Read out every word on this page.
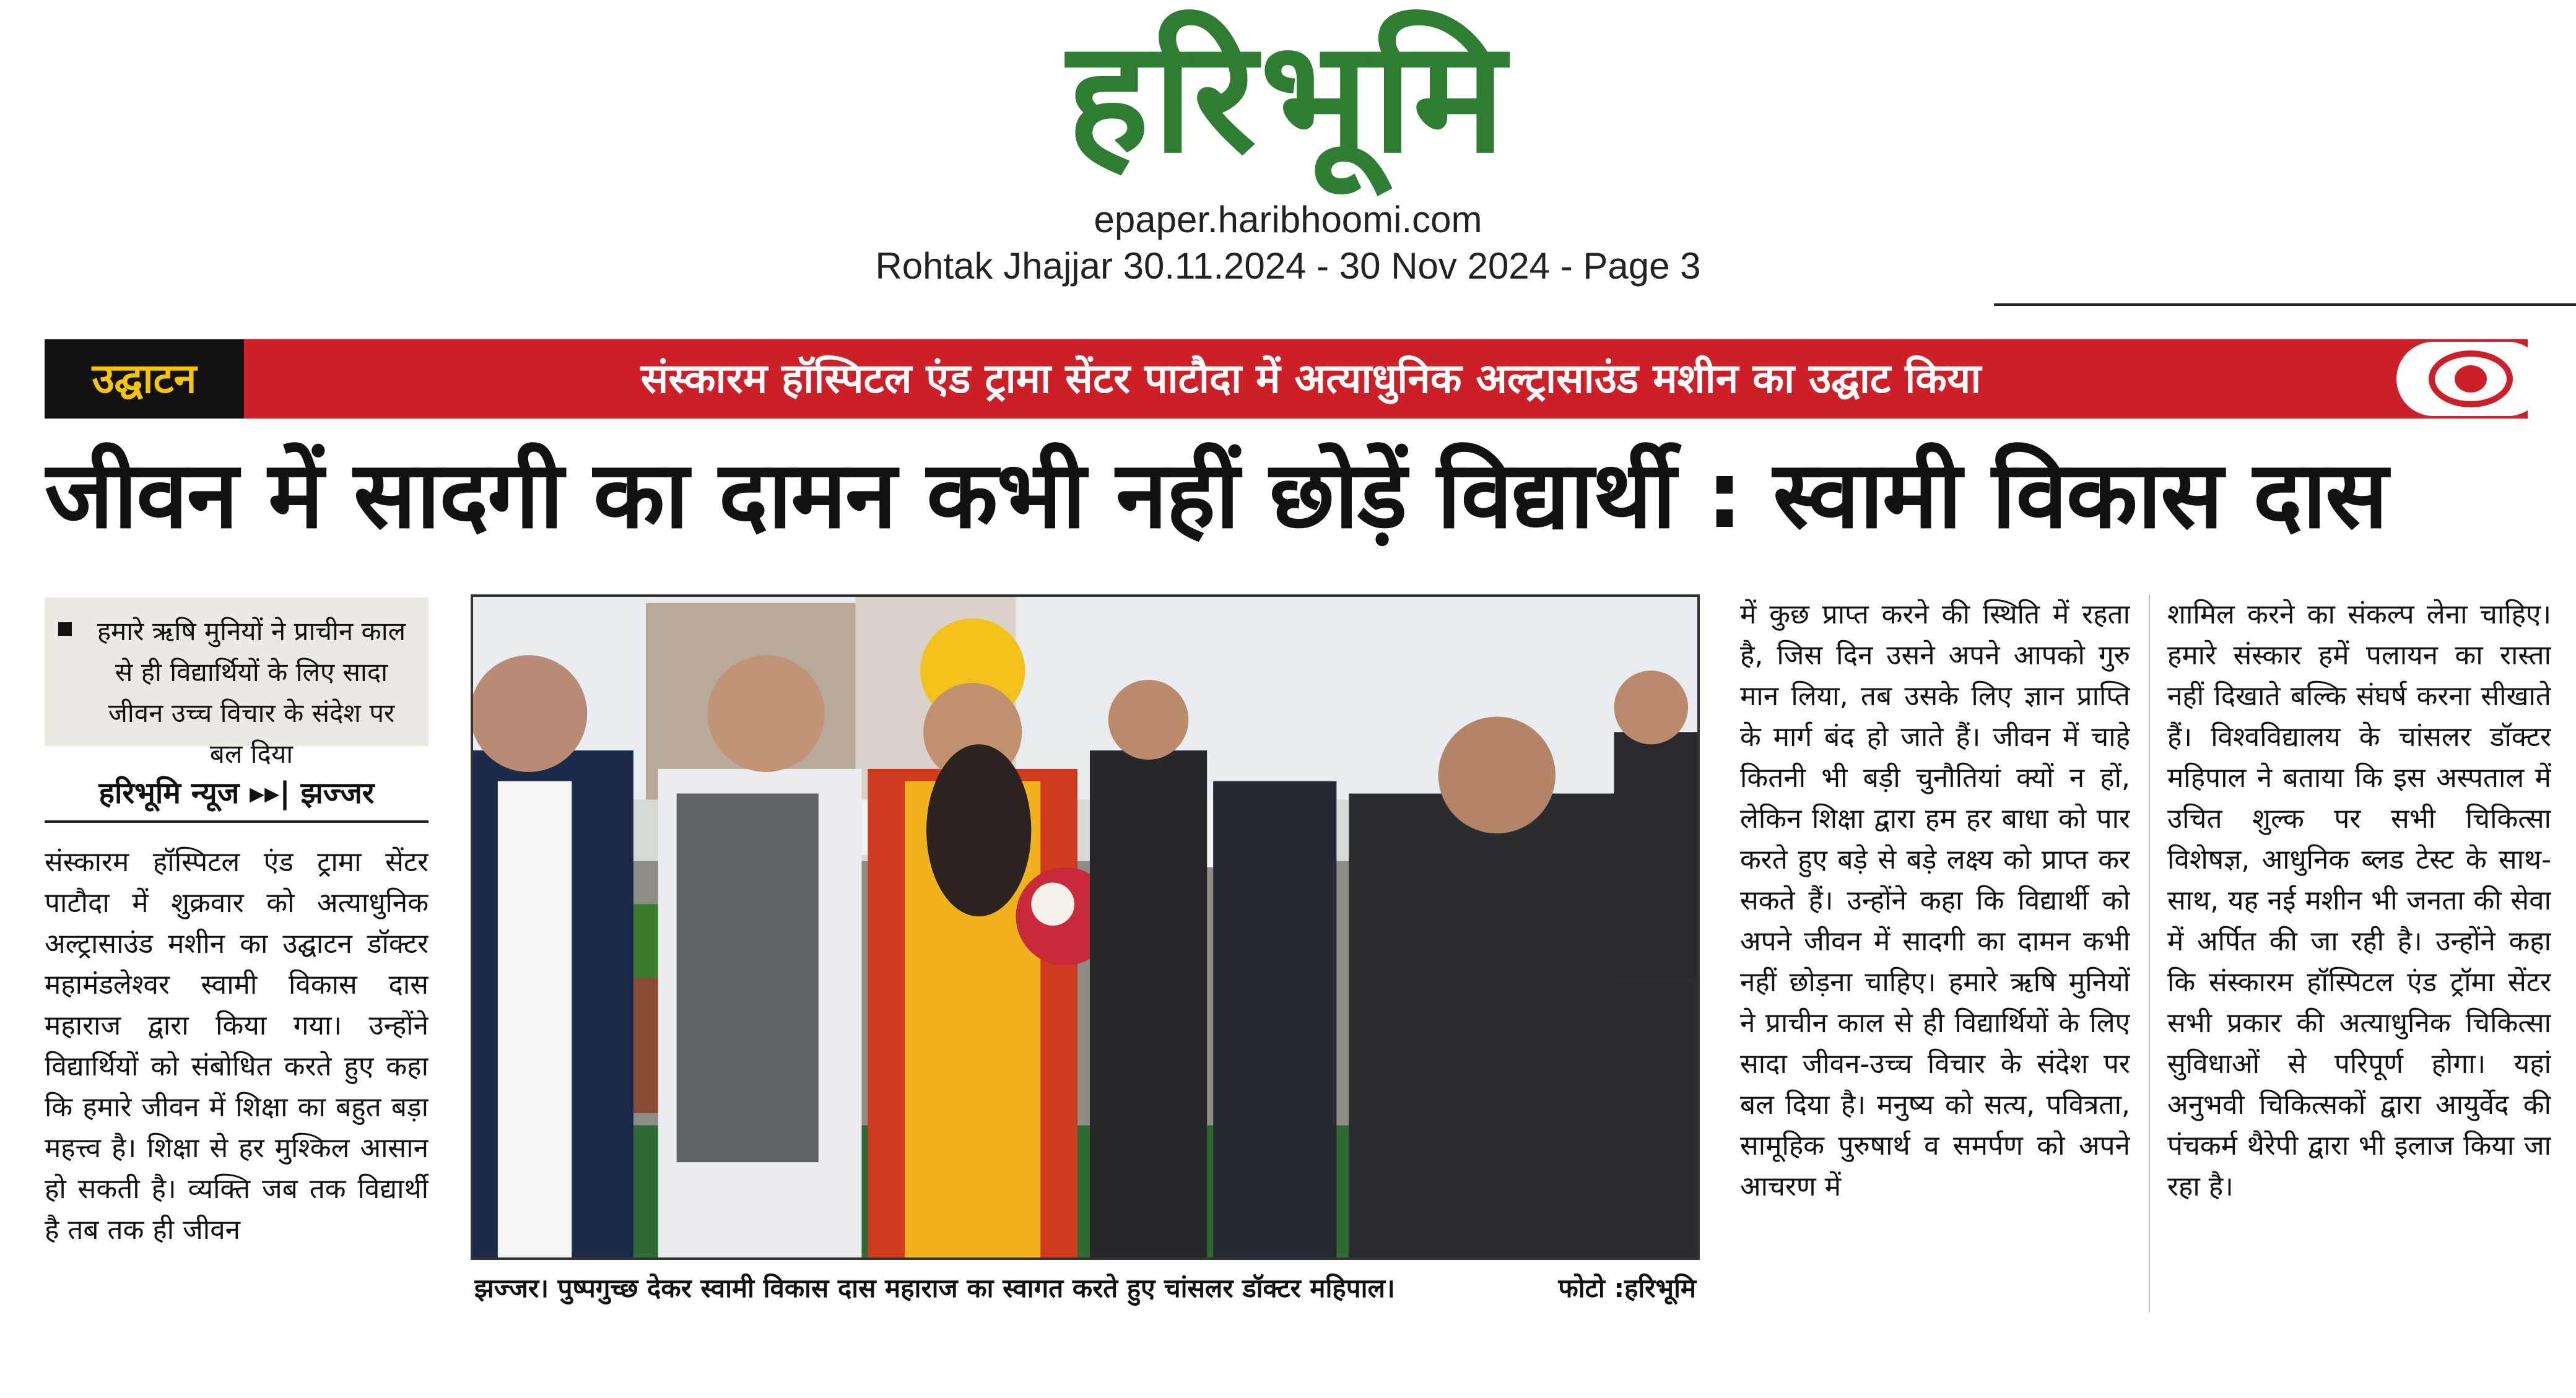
हरिभूमि
epaper.haribhoomi.com
Rohtak Jhajjar 30.11.2024 - 30 Nov 2024 - Page 3
उद्घाटन	संस्कारम हॉस्पिटल एंड ट्रामा सेंटर पाटौदा में अत्याधुनिक अल्ट्रासाउंड मशीन का उद्घाट किया
जीवन में सादगी का दामन कभी नहीं छोड़ें विद्यार्थी : स्वामी विकास दास
हमारे ऋषि मुनियों ने प्राचीन काल से ही विद्यार्थियों के लिए सादा जीवन उच्च विचार के संदेश पर बल दिया
हरिभूमि न्यूज ▸▸| झज्जर
संस्कारम हॉस्पिटल एंड ट्रामा सेंटर पाटौदा में शुक्रवार को अत्याधुनिक अल्ट्रासाउंड मशीन का उद्घाटन डॉक्टर महामंडलेश्वर स्वामी विकास दास महाराज द्वारा किया गया। उन्होंने विद्यार्थियों को संबोधित करते हुए कहा कि हमारे जीवन में शिक्षा का बहुत बड़ा महत्त्व है। शिक्षा से हर मुश्किल आसान हो सकती है। व्यक्ति जब तक विद्यार्थी है तब तक ही जीवन
झज्जर। पुष्पगुच्छ देकर स्वामी विकास दास महाराज का स्वागत करते हुए चांसलर डॉक्टर महिपाल।	फोटो :हरिभूमि
में कुछ प्राप्त करने की स्थिति में रहता है, जिस दिन उसने अपने आपको गुरु मान लिया, तब उसके लिए ज्ञान प्राप्ति के मार्ग बंद हो जाते हैं। जीवन में चाहे कितनी भी बड़ी चुनौतियां क्यों न हों, लेकिन शिक्षा द्वारा हम हर बाधा को पार करते हुए बड़े से बड़े लक्ष्य को प्राप्त कर सकते हैं। उन्होंने कहा कि विद्यार्थी को अपने जीवन में सादगी का दामन कभी नहीं छोड़ना चाहिए। हमारे ऋषि मुनियों ने प्राचीन काल से ही विद्यार्थियों के लिए सादा जीवन-उच्च विचार के संदेश पर बल दिया है। मनुष्य को सत्य, पवित्रता, सामूहिक पुरुषार्थ व समर्पण को अपने आचरण में
शामिल करने का संकल्प लेना चाहिए। हमारे संस्कार हमें पलायन का रास्ता नहीं दिखाते बल्कि संघर्ष करना सीखाते हैं। विश्वविद्यालय के चांसलर डॉक्टर महिपाल ने बताया कि इस अस्पताल में उचित शुल्क पर सभी चिकित्सा विशेषज्ञ, आधुनिक ब्लड टेस्ट के साथ-साथ, यह नई मशीन भी जनता की सेवा में अर्पित की जा रही है। उन्होंने कहा कि संस्कारम हॉस्पिटल एंड ट्रॉमा सेंटर सभी प्रकार की अत्याधुनिक चिकित्सा सुविधाओं से परिपूर्ण होगा। यहां अनुभवी चिकित्सकों द्वारा आयुर्वेद की पंचकर्म थैरेपी द्वारा भी इलाज किया जा रहा है।
